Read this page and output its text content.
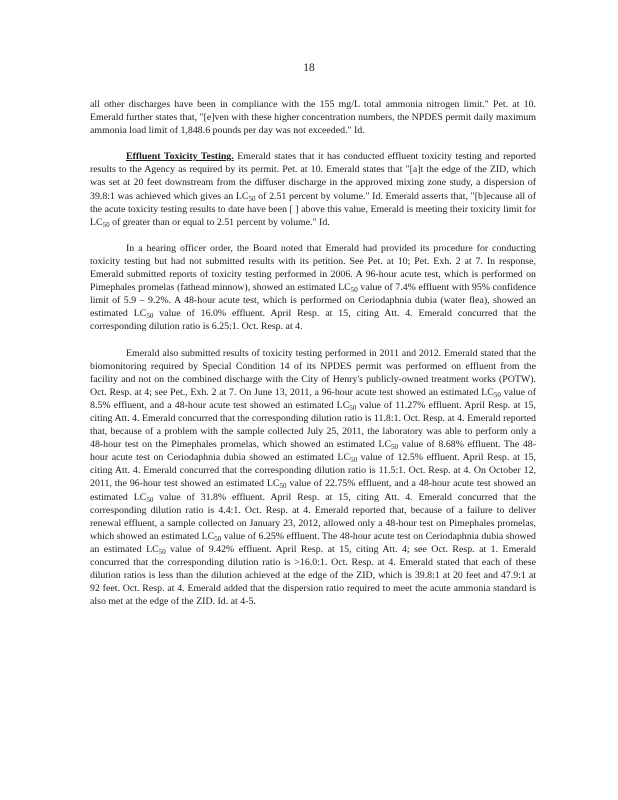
18

all other discharges have been in compliance with the 155 mg/L total ammonia nitrogen limit." Pet. at 10. Emerald further states that, "[e]ven with these higher concentration numbers, the NPDES permit daily maximum ammonia load limit of 1,848.6 pounds per day was not exceeded." Id.

Effluent Toxicity Testing. Emerald states that it has conducted effluent toxicity testing and reported results to the Agency as required by its permit. Pet. at 10. Emerald states that "[a]t the edge of the ZID, which was set at 20 feet downstream from the diffuser discharge in the approved mixing zone study, a dispersion of 39.8:1 was achieved which gives an $LC_{50}$ of 2.51 percent by volume." Id. Emerald asserts that, "[b]ecause all of the acute toxicity testing results to date have been [ ] above this value, Emerald is meeting their toxicity limit for $LC_{50}$ of greater than or equal to 2.51 percent by volume." Id.

In a hearing officer order, the Board noted that Emerald had provided its procedure for conducting toxicity testing but had not submitted results with its petition. See Pet. at 10; Pet. Exh. 2 at 7. In response, Emerald submitted reports of toxicity testing performed in 2006. A 96-hour acute test, which is performed on Pimephales promelas (fathead minnow), showed an estimated $LC_{50}$ value of 7.4% effluent with 95% confidence limit of 5.9 – 9.2%. A 48-hour acute test, which is performed on Ceriodaphnia dubia (water flea), showed an estimated $LC_{50}$ value of 16.0% effluent. April Resp. at 15, citing Att. 4. Emerald concurred that the corresponding dilution ratio is 6.25:1. Oct. Resp. at 4.

Emerald also submitted results of toxicity testing performed in 2011 and 2012. Emerald stated that the biomonitoring required by Special Condition 14 of its NPDES permit was performed on effluent from the facility and not on the combined discharge with the City of Henry's publicly-owned treatment works (POTW). Oct. Resp. at 4; see Pet., Exh. 2 at 7. On June 13, 2011, a 96-hour acute test showed an estimated $LC_{50}$ value of 8.5% effluent, and a 48-hour acute test showed an estimated $LC_{50}$ value of 11.27% effluent. April Resp. at 15, citing Att. 4. Emerald concurred that the corresponding dilution ratio is 11.8:1. Oct. Resp. at 4. Emerald reported that, because of a problem with the sample collected July 25, 2011, the laboratory was able to perform only a 48-hour test on the Pimephales promelas, which showed an estimated $LC_{50}$ value of 8.68% effluent. The 48-hour acute test on Ceriodaphnia dubia showed an estimated $LC_{50}$ value of 12.5% effluent. April Resp. at 15, citing Att. 4. Emerald concurred that the corresponding dilution ratio is 11.5:1. Oct. Resp. at 4. On October 12, 2011, the 96-hour test showed an estimated $LC_{50}$ value of 22.75% effluent, and a 48-hour acute test showed an estimated $LC_{50}$ value of 31.8% effluent. April Resp. at 15, citing Att. 4. Emerald concurred that the corresponding dilution ratio is 4.4:1. Oct. Resp. at 4. Emerald reported that, because of a failure to deliver renewal effluent, a sample collected on January 23, 2012, allowed only a 48-hour test on Pimephales promelas, which showed an estimated $LC_{50}$ value of 6.25% effluent. The 48-hour acute test on Ceriodaphnia dubia showed an estimated $LC_{50}$ value of 9.42% effluent. April Resp. at 15, citing Att. 4; see Oct. Resp. at 1. Emerald concurred that the corresponding dilution ratio is >16.0:1. Oct. Resp. at 4. Emerald stated that each of these dilution ratios is less than the dilution achieved at the edge of the ZID, which is 39.8:1 at 20 feet and 47.9:1 at 92 feet. Oct. Resp. at 4. Emerald added that the dispersion ratio required to meet the acute ammonia standard is also met at the edge of the ZID. Id. at 4-5.
